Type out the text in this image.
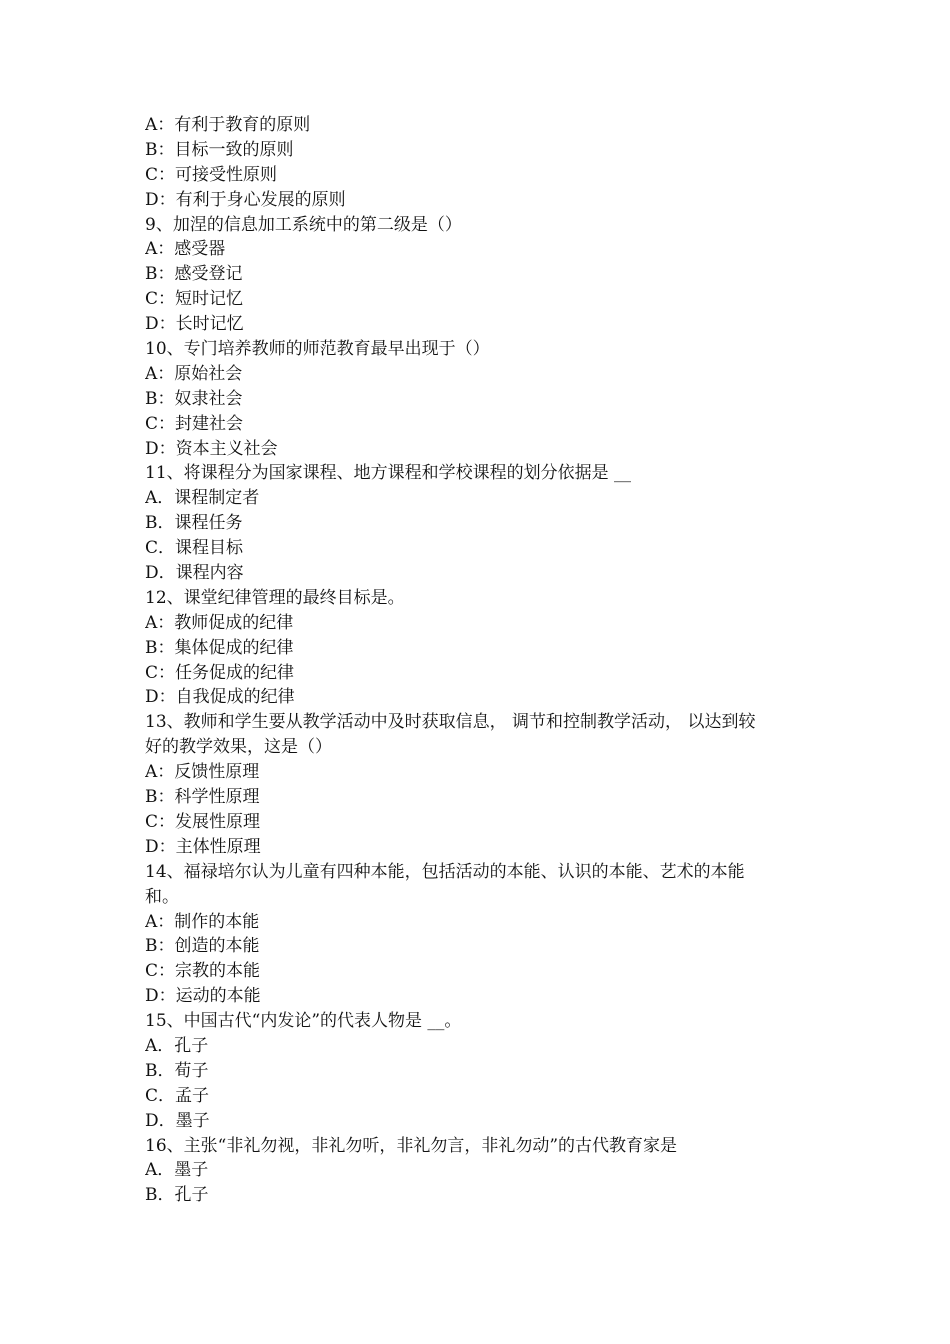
A：有利于教育的原则
B：目标一致的原则
C：可接受性原则
D：有利于身心发展的原则
9、加涅的信息加工系统中的第二级是（）
A：感受器
B：感受登记
C：短时记忆
D：长时记忆
10、专门培养教师的师范教育最早出现于（）
A：原始社会
B：奴隶社会
C：封建社会
D：资本主义社会
11、将课程分为国家课程、地方课程和学校课程的划分依据是 __
A．课程制定者
B．课程任务
C．课程目标
D．课程内容
12、课堂纪律管理的最终目标是。
A：教师促成的纪律
B：集体促成的纪律
C：任务促成的纪律
D：自我促成的纪律
13、教师和学生要从教学活动中及时获取信息， 调节和控制教学活动， 以达到较
好的教学效果，这是（）
A：反馈性原理
B：科学性原理
C：发展性原理
D：主体性原理
14、福禄培尔认为儿童有四种本能，包括活动的本能、认识的本能、艺术的本能
和。
A：制作的本能
B：创造的本能
C：宗教的本能
D：运动的本能
15、中国古代“内发论”的代表人物是 __。
A．孔子
B．荀子
C．孟子
D．墨子
16、主张“非礼勿视，非礼勿听，非礼勿言，非礼勿动”的古代教育家是
A．墨子
B．孔子
